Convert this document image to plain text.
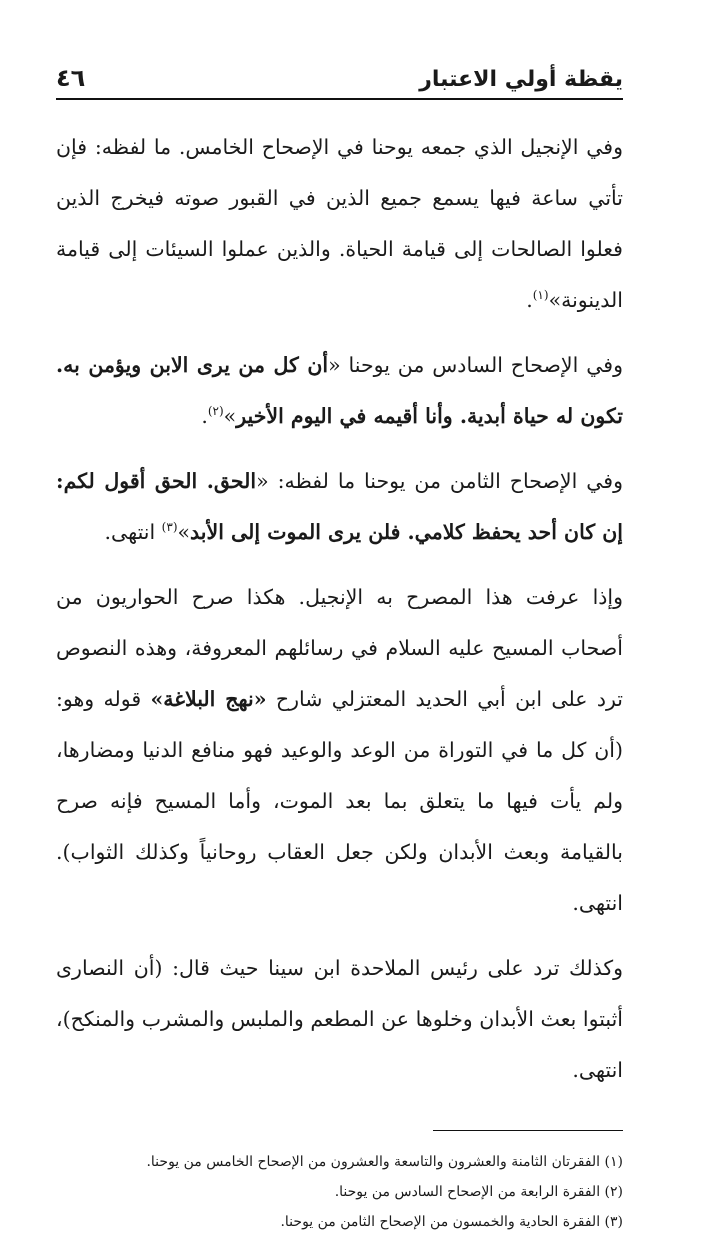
يقظة أولي الاعتبار
٤٦

وفي الإنجيل الذي جمعه يوحنا في الإصحاح الخامس. ما لفظه: فإن تأتي ساعة فيها يسمع جميع الذين في القبور صوته فيخرج الذين فعلوا الصالحات إلى قيامة الحياة. والذين عملوا السيئات إلى قيامة الدينونة»$^{(١)}$.

وفي الإصحاح السادس من يوحنا «أن كل من يرى الابن ويؤمن به. تكون له حياة أبدية. وأنا أقيمه في اليوم الأخير»$^{(٢)}$.

وفي الإصحاح الثامن من يوحنا ما لفظه: «الحق. الحق أقول لكم: إن كان أحد يحفظ كلامي. فلن يرى الموت إلى الأبد»$^{(٣)}$ انتهى.

وإذا عرفت هذا المصرح به الإنجيل. هكذا صرح الحواريون من أصحاب المسيح عليه السلام في رسائلهم المعروفة، وهذه النصوص ترد على ابن أبي الحديد المعتزلي شارح «نهج البلاغة» قوله وهو: (أن كل ما في التوراة من الوعد والوعيد فهو منافع الدنيا ومضارها، ولم يأت فيها ما يتعلق بما بعد الموت، وأما المسيح فإنه صرح بالقيامة وبعث الأبدان ولكن جعل العقاب روحانياً وكذلك الثواب). انتهى.

وكذلك ترد على رئيس الملاحدة ابن سينا حيث قال: (أن النصارى أثبتوا بعث الأبدان وخلوها عن المطعم والملبس والمشرب والمنكح)، انتهى.

(١) الفقرتان الثامنة والعشرون والتاسعة والعشرون من الإصحاح الخامس من يوحنا.
(٢) الفقرة الرابعة من الإصحاح السادس من يوحنا.
(٣) الفقرة الحادية والخمسون من الإصحاح الثامن من يوحنا.
